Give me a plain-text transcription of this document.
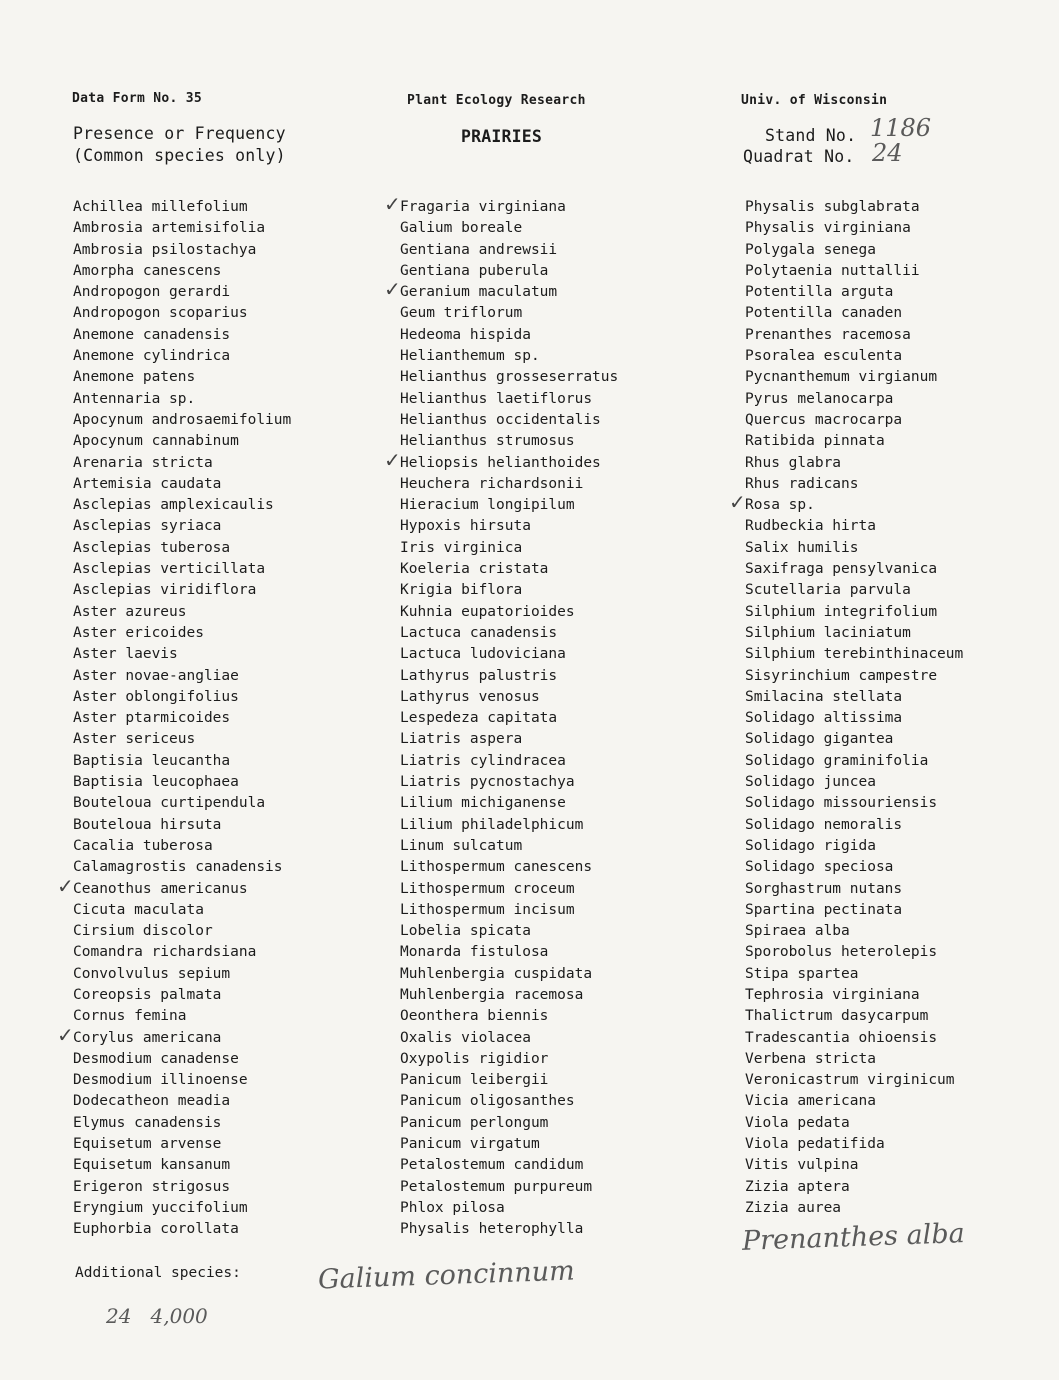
Data Form No. 35	Plant Ecology Research	Univ. of Wisconsin
Presence or Frequency
(Common species only)
PRAIRIES	Stand No. 1186
Quadrat No. 24
Achillea millefolium
Ambrosia artemisifolia
Ambrosia psilostachya
Amorpha canescens
Andropogon gerardi
Andropogon scoparius
Anemone canadensis
Anemone cylindrica
Anemone patens
Antennaria sp.
Apocynum androsaemifolium
Apocynum cannabinum
Arenaria stricta
Artemisia caudata
Asclepias amplexicaulis
Asclepias syriaca
Asclepias tuberosa
Asclepias verticillata
Asclepias viridiflora
Aster azureus
Aster ericoides
Aster laevis
Aster novae-angliae
Aster oblongifolius
Aster ptarmicoides
Aster sericeus
Baptisia leucantha
Baptisia leucophaea
Bouteloua curtipendula
Bouteloua hirsuta
Cacalia tuberosa
Calamagrostis canadensis
✓ Ceanothus americanus
Cicuta maculata
Cirsium discolor
Comandra richardsiana
Convolvulus sepium
Coreopsis palmata
Cornus femina
✓ Corylus americana
Desmodium canadense
Desmodium illinoense
Dodecatheon meadia
Elymus canadensis
Equisetum arvense
Equisetum kansanum
Erigeron strigosus
Eryngium yuccifolium
Euphorbia corollata
✓ Fragaria virginiana
Galium boreale
Gentiana andrewsii
Gentiana puberula
✓ Geranium maculatum
Geum triflorum
Hedeoma hispida
Helianthemum sp.
Helianthus grosseserratus
Helianthus laetiflorus
Helianthus occidentalis
Helianthus strumosus
✓ Heliopsis helianthoides
Heuchera richardsonii
Hieracium longipilum
Hypoxis hirsuta
Iris virginica
Koeleria cristata
Krigia biflora
Kuhnia eupatorioides
Lactuca canadensis
Lactuca ludoviciana
Lathyrus palustris
Lathyrus venosus
Lespedeza capitata
Liatris aspera
Liatris cylindracea
Liatris pycnostachya
Lilium michiganense
Lilium philadelphicum
Linum sulcatum
Lithospermum canescens
Lithospermum croceum
Lithospermum incisum
Lobelia spicata
Monarda fistulosa
Muhlenbergia cuspidata
Muhlenbergia racemosa
Oeonthera biennis
Oxalis violacea
Oxypolis rigidior
Panicum leibergii
Panicum oligosanthes
Panicum perlongum
Panicum virgatum
Petalostemum candidum
Petalostemum purpureum
Phlox pilosa
Physalis heterophylla
Physalis subglabrata
Physalis virginiana
Polygala senega
Polytaenia nuttallii
Potentilla arguta
Potentilla canaden
Prenanthes racemosa
Psoralea esculenta
Pycnanthemum virgianum
Pyrus melanocarpa
Quercus macrocarpa
Ratibida pinnata
Rhus glabra
Rhus radicans
✓ Rosa sp.
Rudbeckia hirta
Salix humilis
Saxifraga pensylvanica
Scutellaria parvula
Silphium integrifolium
Silphium laciniatum
Silphium terebinthinaceum
Sisyrinchium campestre
Smilacina stellata
Solidago altissima
Solidago gigantea
Solidago graminifolia
Solidago juncea
Solidago missouriensis
Solidago nemoralis
Solidago rigida
Solidago speciosa
Sorghastrum nutans
Spartina pectinata
Spiraea alba
Sporobolus heterolepis
Stipa spartea
Tephrosia virginiana
Thalictrum dasycarpum
Tradescantia ohioensis
Verbena stricta
Veronicastrum virginicum
Vicia americana
Viola pedata
Viola pedatifida
Vitis vulpina
Zizia aptera
Zizia aurea
Prenanthes alba
Additional species:	Galium concinnum
24   4,000
